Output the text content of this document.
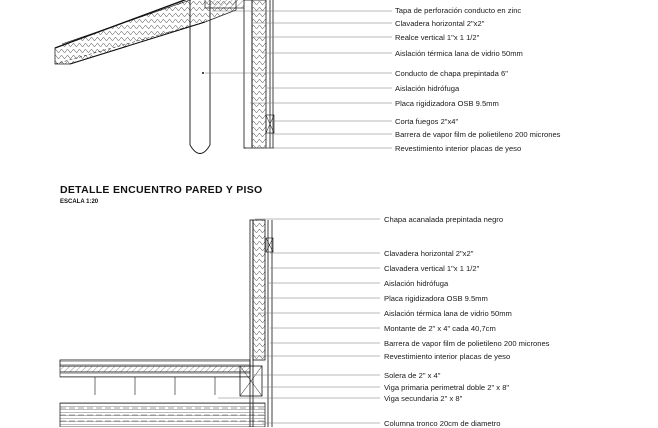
Tapa de perforación conducto en zinc
Clavadera horizontal 2"x2"
Realce vertical 1"x 1 1/2"
Aislación térmica lana de vidrio 50mm
Conducto de chapa prepintada 6"
Aislación hidrófuga
Placa rigidizadora OSB 9.5mm
Corta fuegos 2"x4"
Barrera de vapor film de polietileno 200 micrones
Revestimiento interior placas de yeso
DETALLE ENCUENTRO PARED Y PISO
ESCALA 1:20
Chapa acanalada prepintada negro
Clavadera horizontal 2"x2"
Clavadera vertical 1"x 1 1/2"
Aislación hidrófuga
Placa rigidizadora OSB 9.5mm
Aislación térmica lana de vidrio 50mm
Montante de 2" x 4" cada 40,7cm
Barrera de vapor film de polietileno 200 micrones
Revestimiento interior placas de yeso
Solera de 2" x 4"
Viga primaria perimetral doble 2" x 8"
Viga secundaria 2" x 8"
Columna tronco 20cm de diametro
